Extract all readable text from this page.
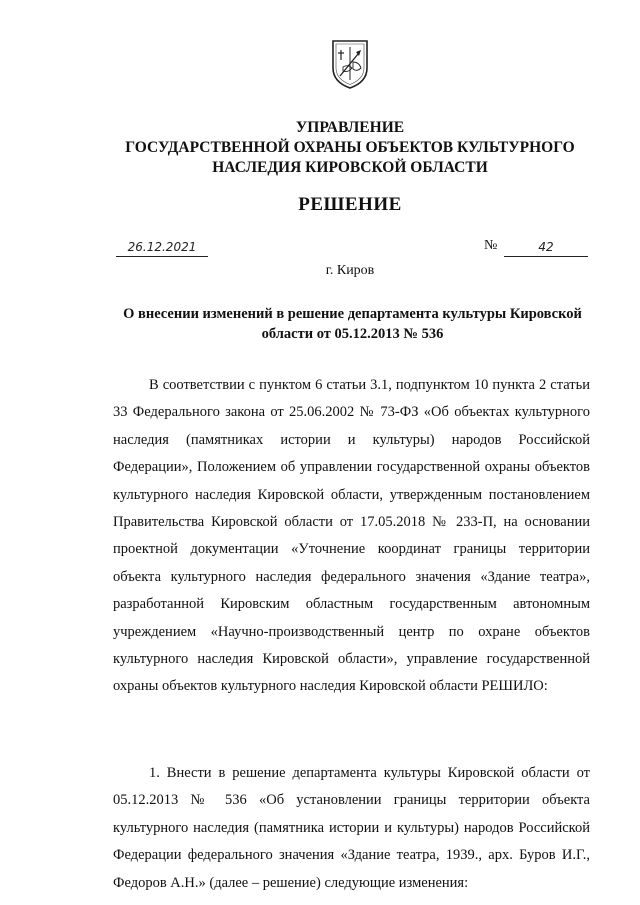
УПРАВЛЕНИЕ
ГОСУДАРСТВЕННОЙ ОХРАНЫ ОБЪЕКТОВ КУЛЬТУРНОГО
НАСЛЕДИЯ КИРОВСКОЙ ОБЛАСТИ
РЕШЕНИЕ
26.12.2021	№	42
г. Киров
О внесении изменений в решение департамента культуры Кировской области от 05.12.2013 № 536

В соответствии с пунктом 6 статьи 3.1, подпунктом 10 пункта 2 статьи 33 Федерального закона от 25.06.2002 № 73-ФЗ «Об объектах культурного наследия (памятниках истории и культуры) народов Российской Федерации», Положением об управлении государственной охраны объектов культурного наследия Кировской области, утвержденным постановлением Правительства Кировской области от 17.05.2018 № 233-П, на основании проектной документации «Уточнение координат границы территории объекта культурного наследия федерального значения «Здание театра», разработанной Кировским областным государственным автономным учреждением «Научно-производственный центр по охране объектов культурного наследия Кировской области», управление государственной охраны объектов культурного наследия Кировской области РЕШИЛО:

1. Внести в решение департамента культуры Кировской области от 05.12.2013 № 536 «Об установлении границы территории объекта культурного наследия (памятника истории и культуры) народов Российской Федерации федерального значения «Здание театра, 1939., арх. Буров И.Г., Федоров А.Н.» (далее – решение) следующие изменения:
